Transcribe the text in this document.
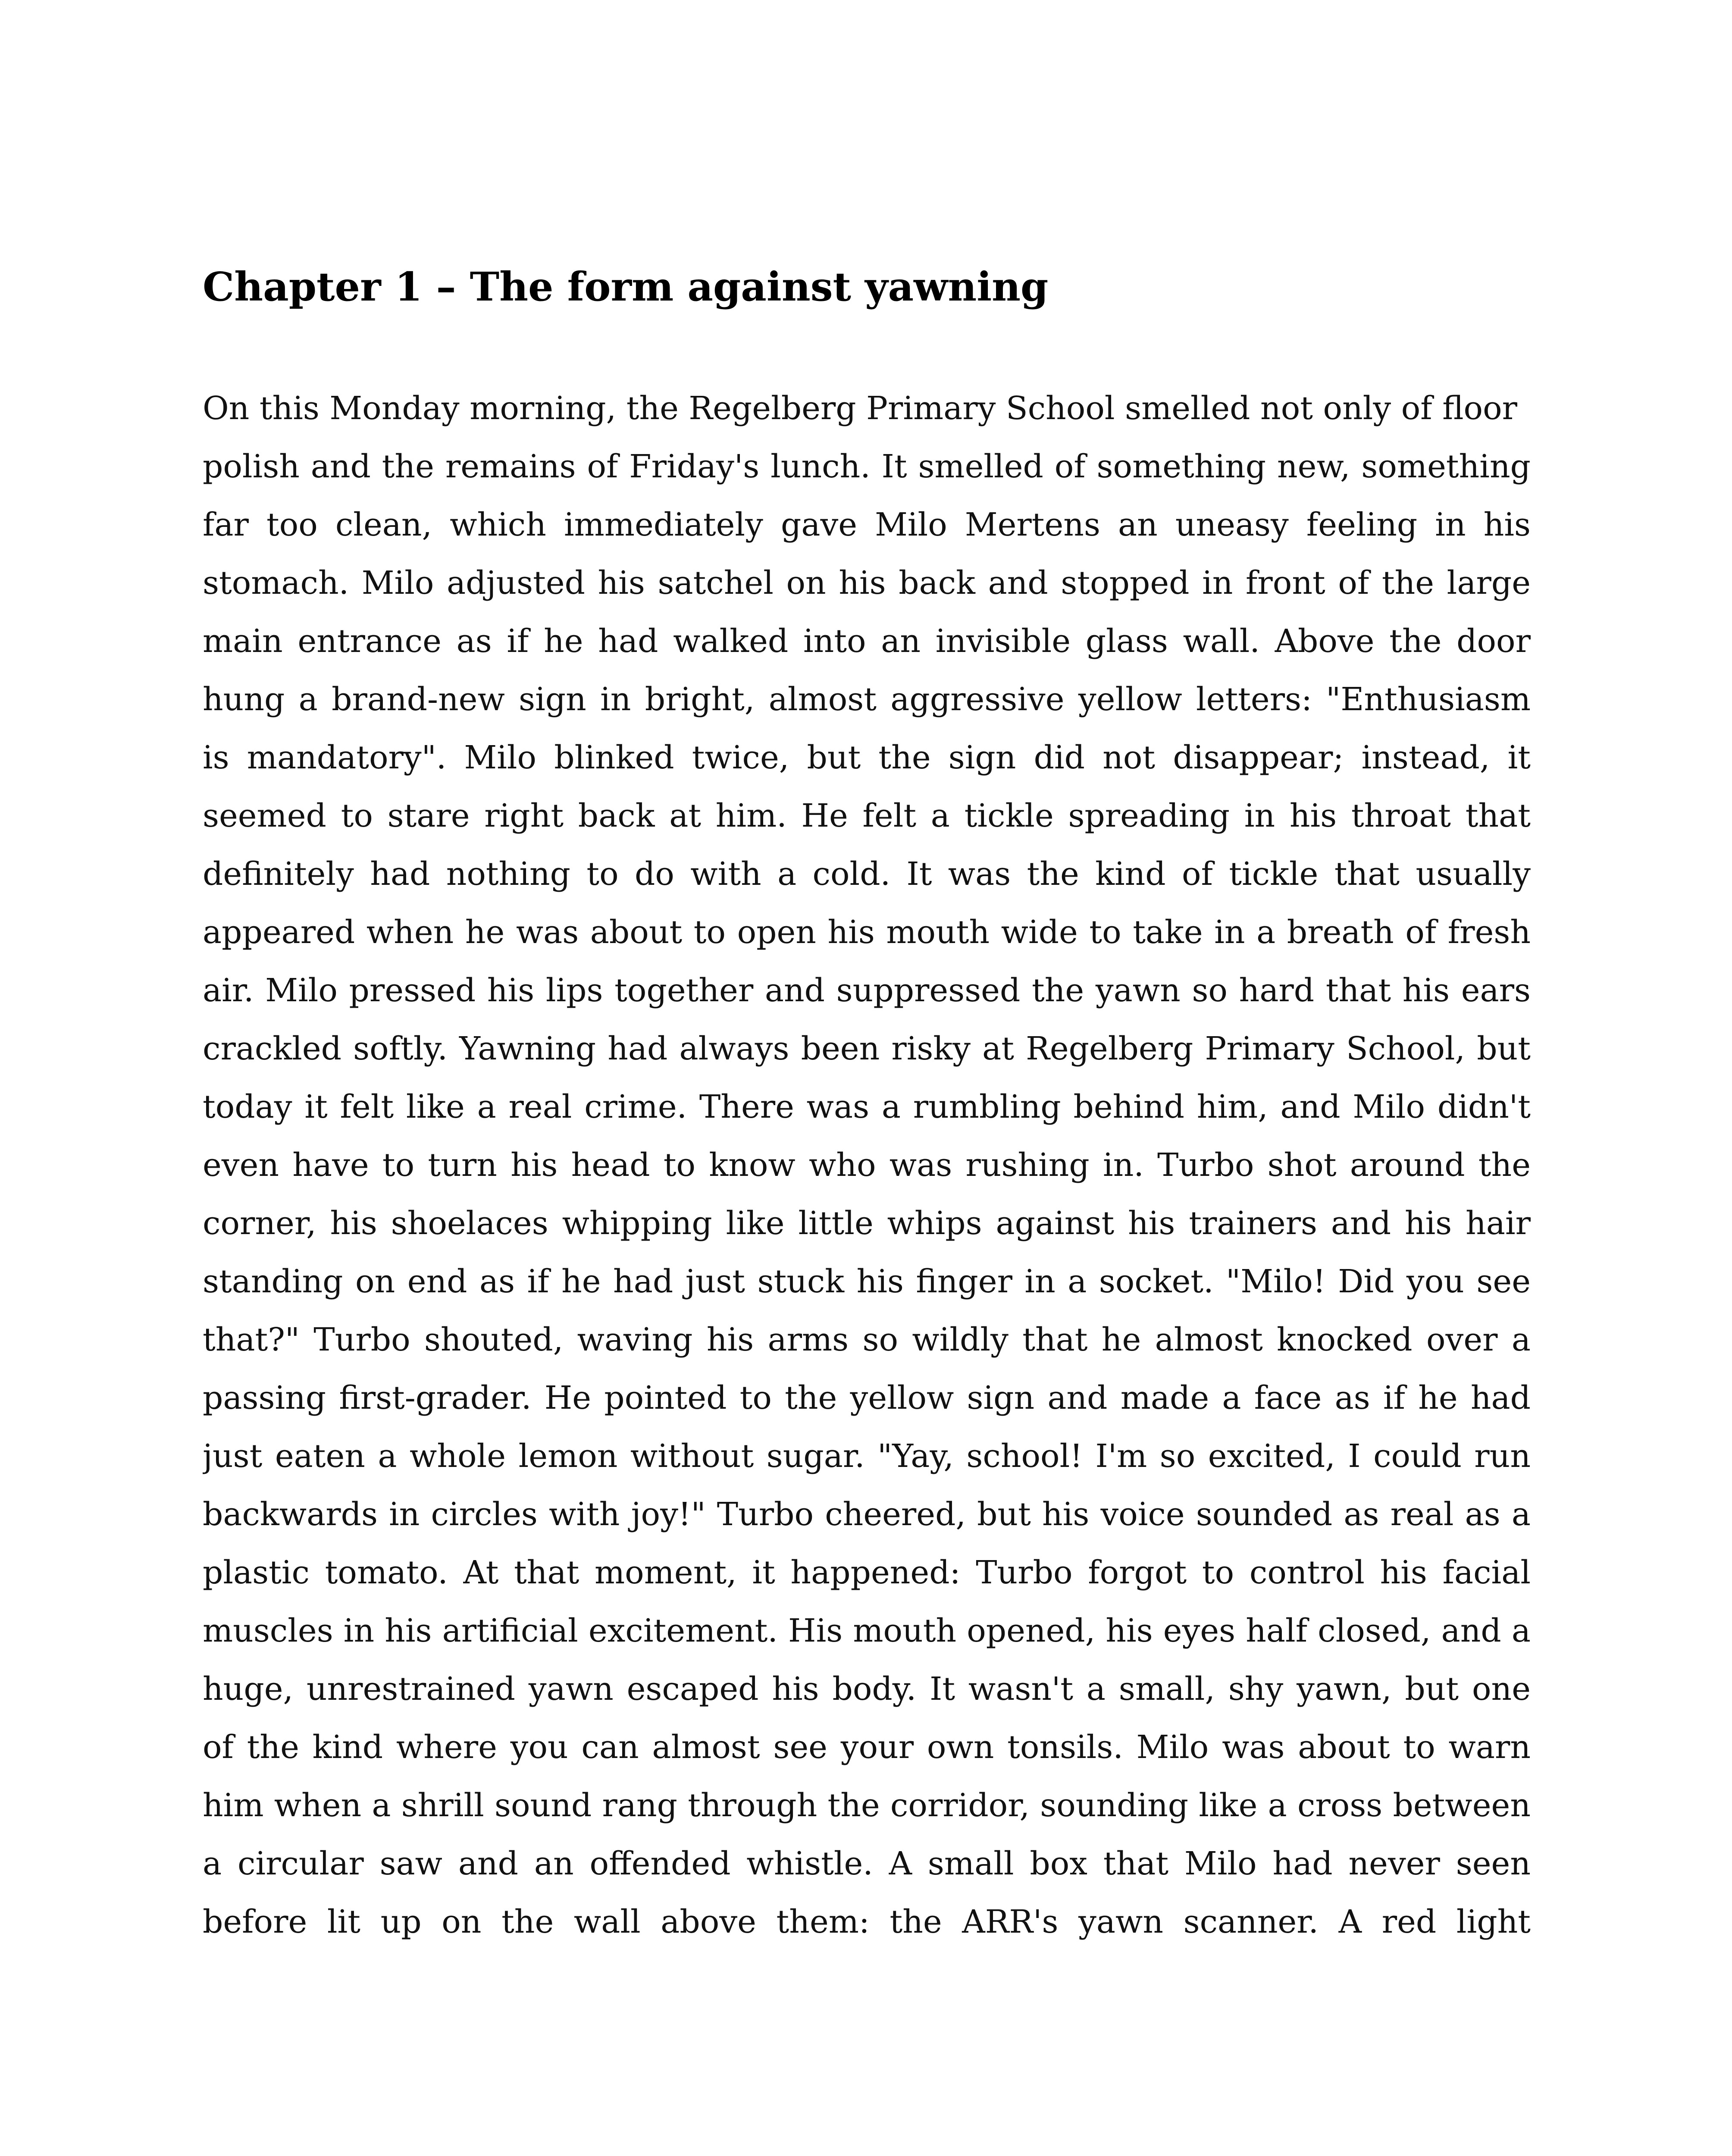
Chapter 1 – The form against yawning
On this Monday morning, the Regelberg Primary School smelled not only of floor
polish and the remains of Friday's lunch. It smelled of something new, something
far too clean, which immediately gave Milo Mertens an uneasy feeling in his
stomach. Milo adjusted his satchel on his back and stopped in front of the large
main entrance as if he had walked into an invisible glass wall. Above the door
hung a brand-new sign in bright, almost aggressive yellow letters: "Enthusiasm
is mandatory". Milo blinked twice, but the sign did not disappear; instead, it
seemed to stare right back at him. He felt a tickle spreading in his throat that
definitely had nothing to do with a cold. It was the kind of tickle that usually
appeared when he was about to open his mouth wide to take in a breath of fresh
air. Milo pressed his lips together and suppressed the yawn so hard that his ears
crackled softly. Yawning had always been risky at Regelberg Primary School, but
today it felt like a real crime. There was a rumbling behind him, and Milo didn't
even have to turn his head to know who was rushing in. Turbo shot around the
corner, his shoelaces whipping like little whips against his trainers and his hair
standing on end as if he had just stuck his finger in a socket. "Milo! Did you see
that?" Turbo shouted, waving his arms so wildly that he almost knocked over a
passing first-grader. He pointed to the yellow sign and made a face as if he had
just eaten a whole lemon without sugar. "Yay, school! I'm so excited, I could run
backwards in circles with joy!" Turbo cheered, but his voice sounded as real as a
plastic tomato. At that moment, it happened: Turbo forgot to control his facial
muscles in his artificial excitement. His mouth opened, his eyes half closed, and a
huge, unrestrained yawn escaped his body. It wasn't a small, shy yawn, but one
of the kind where you can almost see your own tonsils. Milo was about to warn
him when a shrill sound rang through the corridor, sounding like a cross between
a circular saw and an offended whistle. A small box that Milo had never seen
before lit up on the wall above them: the ARR's yawn scanner. A red light
